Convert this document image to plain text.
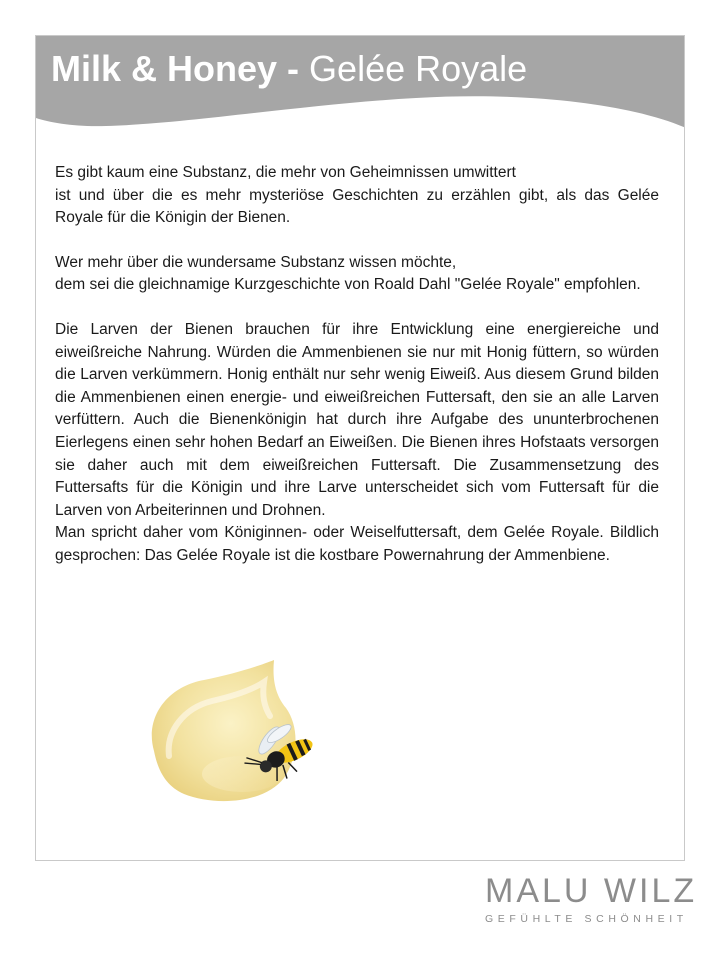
Milk & Honey - Gelée Royale

Es gibt kaum eine Substanz, die mehr von Geheimnissen umwittert
ist und über die es mehr mysteriöse Geschichten zu erzählen gibt, als das Gelée Royale für die Königin der Bienen.

Wer mehr über die wundersame Substanz wissen möchte,
dem sei die gleichnamige Kurzgeschichte von Roald Dahl "Gelée Royale" empfohlen.

Die Larven der Bienen brauchen für ihre Entwicklung eine energiereiche und eiweißreiche Nahrung. Würden die Ammenbienen sie nur mit Honig füttern, so würden die Larven verkümmern. Honig enthält nur sehr wenig Eiweiß. Aus diesem Grund bilden die Ammenbienen einen energie- und eiweißreichen Futtersaft, den sie an alle Larven verfüttern. Auch die Bienenkönigin hat durch ihre Aufgabe des ununterbrochenen Eierlegens einen sehr hohen Bedarf an Eiweißen. Die Bienen ihres Hofstaats versorgen sie daher auch mit dem eiweißreichen Futtersaft. Die Zusammensetzung des Futtersafts für die Königin und ihre Larve unterscheidet sich vom Futtersaft für die Larven von Arbeiterinnen und Drohnen.

Man spricht daher vom Königinnen- oder Weiselfuttersaft, dem Gelée Royale. Bildlich gesprochen: Das Gelée Royale ist die kostbare Powernahrung der Ammenbiene.

MALU WILZ
GEFÜHLTE SCHÖNHEIT
